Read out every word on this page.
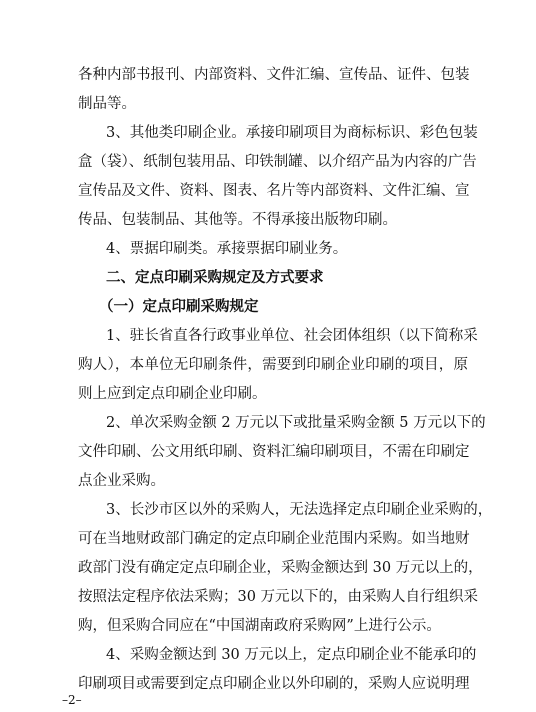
各种内部书报刊、内部资料、文件汇编、宣传品、证件、包装
制品等。
3、其他类印刷企业。承接印刷项目为商标标识、彩色包装
盒（袋）、纸制包装用品、印铁制罐、以介绍产品为内容的广告
宣传品及文件、资料、图表、名片等内部资料、文件汇编、宣
传品、包装制品、其他等。不得承接出版物印刷。
4、票据印刷类。承接票据印刷业务。
二、定点印刷采购规定及方式要求
（一）定点印刷采购规定
1、驻长省直各行政事业单位、社会团体组织（以下简称采
购人），本单位无印刷条件，需要到印刷企业印刷的项目，原
则上应到定点印刷企业印刷。
2、单次采购金额 2 万元以下或批量采购金额 5 万元以下的
文件印刷、公文用纸印刷、资料汇编印刷项目，不需在印刷定
点企业采购。
3、长沙市区以外的采购人，无法选择定点印刷企业采购的，
可在当地财政部门确定的定点印刷企业范围内采购。如当地财
政部门没有确定定点印刷企业，采购金额达到 30 万元以上的，
按照法定程序依法采购；30 万元以下的，由采购人自行组织采
购，但采购合同应在“中国湖南政府采购网”上进行公示。
4、采购金额达到 30 万元以上，定点印刷企业不能承印的
印刷项目或需要到定点印刷企业以外印刷的，采购人应说明理
–2–
